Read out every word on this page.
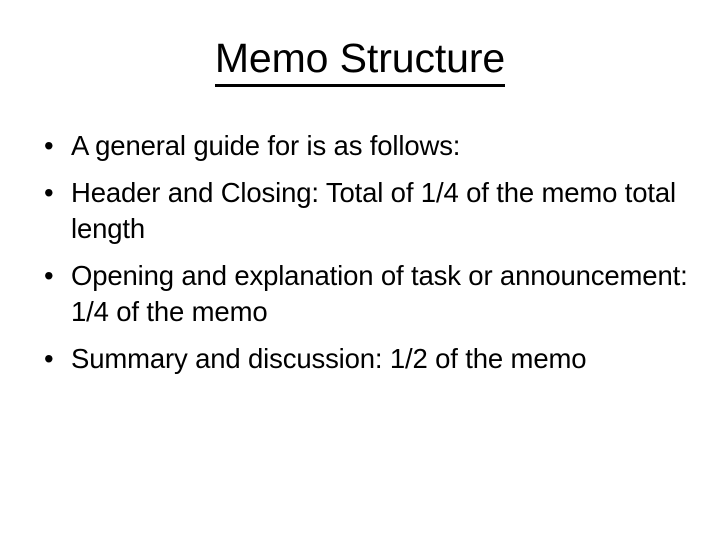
Memo Structure
• A general guide for is as follows:
• Header and Closing: Total of 1/4 of the memo total length
• Opening and explanation of task or announcement: 1/4 of the memo
• Summary and discussion: 1/2 of the memo
